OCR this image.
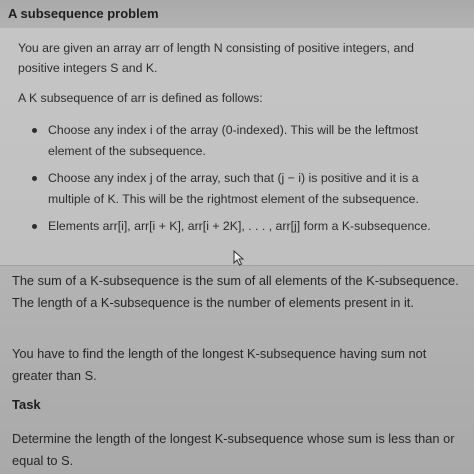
A subsequence problem
You are given an array arr of length N consisting of positive integers, and positive integers S and K.
A K subsequence of arr is defined as follows:
Choose any index i of the array (0-indexed). This will be the leftmost element of the subsequence.
Choose any index j of the array, such that (j − i) is positive and it is a multiple of K. This will be the rightmost element of the subsequence.
Elements arr[i], arr[i + K], arr[i + 2K], . . . , arr[j] form a K-subsequence.
The sum of a K-subsequence is the sum of all elements of the K-subsequence. The length of a K-subsequence is the number of elements present in it.
You have to find the length of the longest K-subsequence having sum not greater than S.
Task
Determine the length of the longest K-subsequence whose sum is less than or equal to S.
